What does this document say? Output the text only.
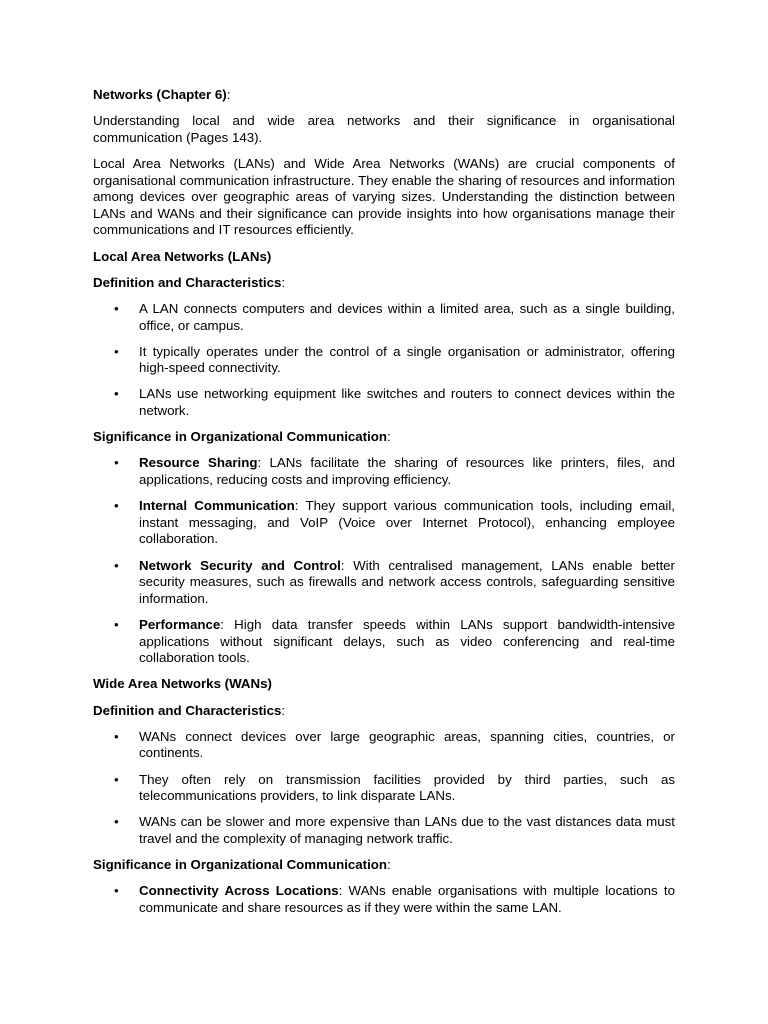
Networks (Chapter 6):

Understanding local and wide area networks and their significance in organisational communication (Pages 143).

Local Area Networks (LANs) and Wide Area Networks (WANs) are crucial components of organisational communication infrastructure. They enable the sharing of resources and information among devices over geographic areas of varying sizes. Understanding the distinction between LANs and WANs and their significance can provide insights into how organisations manage their communications and IT resources efficiently.

Local Area Networks (LANs)

Definition and Characteristics:

• A LAN connects computers and devices within a limited area, such as a single building, office, or campus.
• It typically operates under the control of a single organisation or administrator, offering high-speed connectivity.
• LANs use networking equipment like switches and routers to connect devices within the network.

Significance in Organizational Communication:

• Resource Sharing: LANs facilitate the sharing of resources like printers, files, and applications, reducing costs and improving efficiency.
• Internal Communication: They support various communication tools, including email, instant messaging, and VoIP (Voice over Internet Protocol), enhancing employee collaboration.
• Network Security and Control: With centralised management, LANs enable better security measures, such as firewalls and network access controls, safeguarding sensitive information.
• Performance: High data transfer speeds within LANs support bandwidth-intensive applications without significant delays, such as video conferencing and real-time collaboration tools.

Wide Area Networks (WANs)

Definition and Characteristics:

• WANs connect devices over large geographic areas, spanning cities, countries, or continents.
• They often rely on transmission facilities provided by third parties, such as telecommunications providers, to link disparate LANs.
• WANs can be slower and more expensive than LANs due to the vast distances data must travel and the complexity of managing network traffic.

Significance in Organizational Communication:

• Connectivity Across Locations: WANs enable organisations with multiple locations to communicate and share resources as if they were within the same LAN.
